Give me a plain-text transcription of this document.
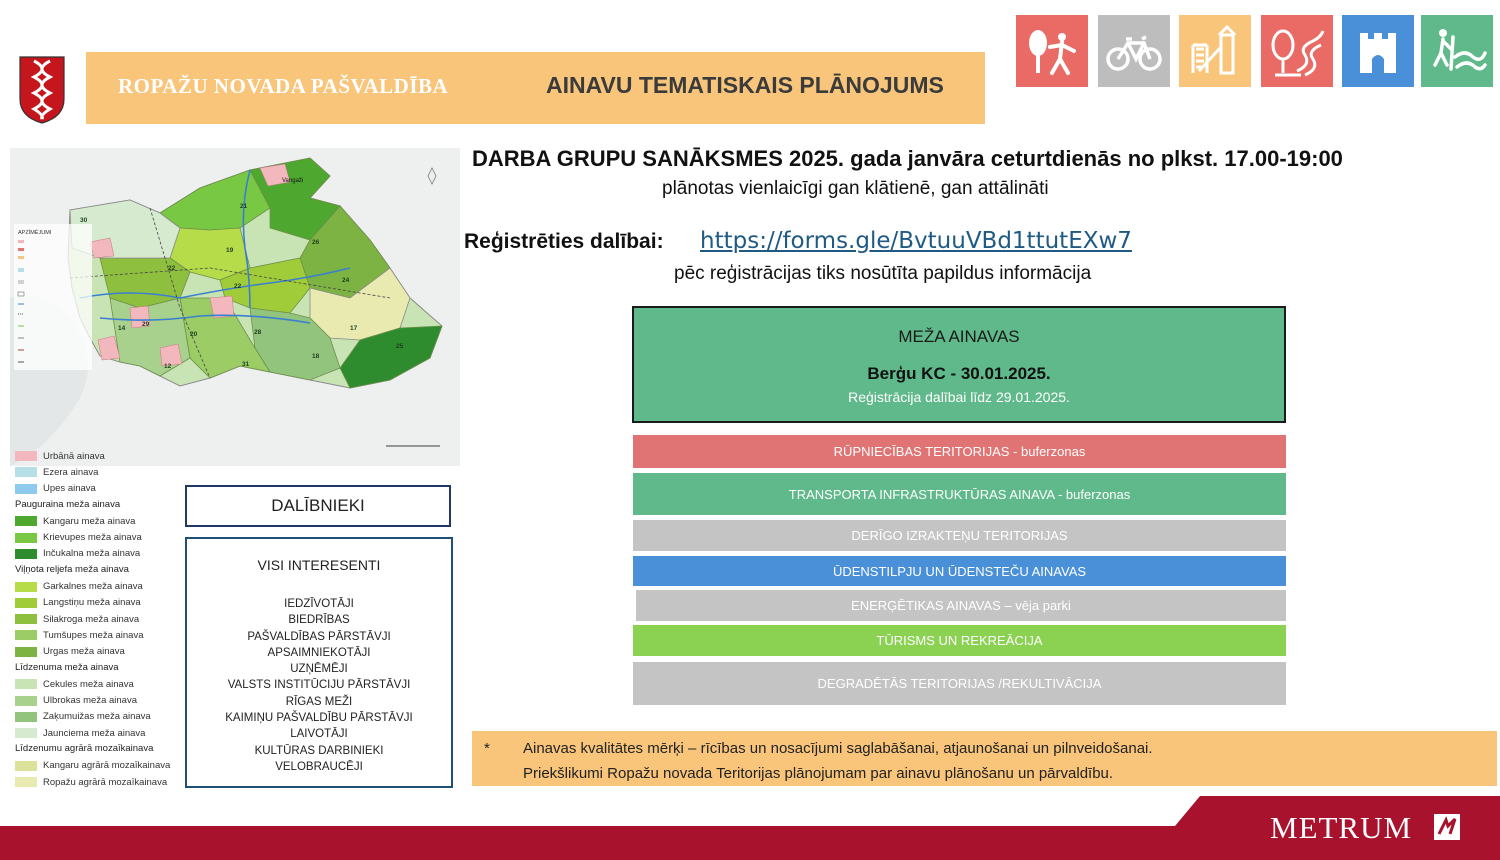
ROPAŽU NOVADA PAŠVALDĪBA	AINAVU TEMATISKAIS PLĀNOJUMS
APZĪMĒJUMI
Vangaži
30
21
26
19
22
24
22
17
25
18
31
28
29
20
14
12
Urbānā ainava
Ezera ainava
Upes ainava
Pauguraina meža ainava
Kangaru meža ainava
Krievupes meža ainava
Inčukalna meža ainava
Viļņota reljefa meža ainava
Garkalnes meža ainava
Langstiņu meža ainava
Silakroga meža ainava
Tumšupes meža ainava
Urgas meža ainava
Līdzenuma meža ainava
Cekules meža ainava
Ulbrokas meža ainava
Zaķumuižas meža ainava
Jaunciema meža ainava
Līdzenumu agrārā mozaīkainava
Kangaru agrārā mozaīkainava
Ropažu agrārā mozaīkainava
DALĪBNIEKI
VISI INTERESENTI
IEDZĪVOTĀJI
BIEDRĪBAS
PAŠVALDĪBAS PĀRSTĀVJI
APSAIMNIEKOTĀJI
UZŅĒMĒJI
VALSTS INSTITŪCIJU PĀRSTĀVJI
RĪGAS MEŽI
KAIMIŅU PAŠVALDĪBU PĀRSTĀVJI
LAIVOTĀJI
KULTŪRAS DARBINIEKI
VELOBRAUCĒJI
DARBA GRUPU SANĀKSMES 2025. gada janvāra ceturtdienās no plkst. 17.00-19:00
plānotas vienlaicīgi gan klātienē, gan attālināti
Reģistrēties dalībai: https://forms.gle/BvtuuVBd1ttutEXw7
pēc reģistrācijas tiks nosūtīta papildus informācija
MEŽA AINAVAS
Berģu KC - 30.01.2025.
Reģistrācija dalībai līdz 29.01.2025.
RŪPNIECĪBAS TERITORIJAS - buferzonas
TRANSPORTA INFRASTRUKTŪRAS AINAVA - buferzonas
DERĪGO IZRAKTEŅU TERITORIJAS
ŪDENSTILPJU UN ŪDENSTEČU AINAVAS
ENERĢĒTIKAS AINAVAS – vēja parki
TŪRISMS UN REKREĀCIJA
DEGRADĒTĀS TERITORIJAS /REKULTIVĀCIJA
* Ainavas kvalitātes mērķi – rīcības un nosacījumi saglabāšanai, atjaunošanai un pilnveidošanai.
Priekšlikumi Ropažu novada Teritorijas plānojumam par ainavu plānošanu un pārvaldību.
METRUM
